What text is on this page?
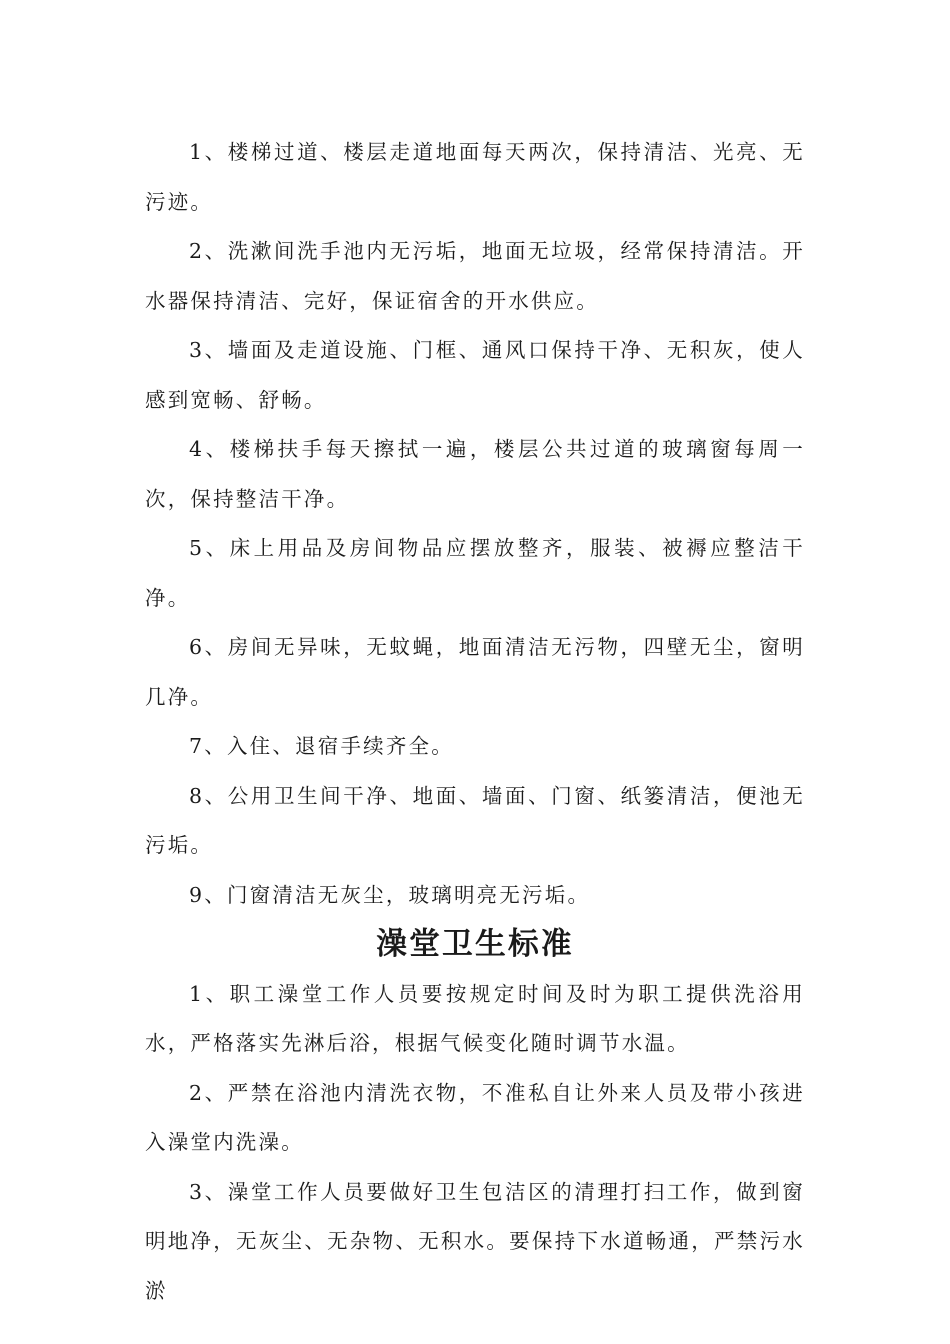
1、楼梯过道、楼层走道地面每天两次，保持清洁、光亮、无污迹。

2、洗漱间洗手池内无污垢，地面无垃圾，经常保持清洁。开水器保持清洁、完好，保证宿舍的开水供应。

3、墙面及走道设施、门框、通风口保持干净、无积灰，使人感到宽畅、舒畅。

4、楼梯扶手每天擦拭一遍，楼层公共过道的玻璃窗每周一次，保持整洁干净。

5、床上用品及房间物品应摆放整齐，服装、被褥应整洁干净。

6、房间无异味，无蚊蝇，地面清洁无污物，四壁无尘，窗明几净。

7、入住、退宿手续齐全。

8、公用卫生间干净、地面、墙面、门窗、纸篓清洁，便池无污垢。

9、门窗清洁无灰尘，玻璃明亮无污垢。

澡堂卫生标准

1、职工澡堂工作人员要按规定时间及时为职工提供洗浴用水，严格落实先淋后浴，根据气候变化随时调节水温。

2、严禁在浴池内清洗衣物，不准私自让外来人员及带小孩进入澡堂内洗澡。

3、澡堂工作人员要做好卫生包洁区的清理打扫工作，做到窗明地净，无灰尘、无杂物、无积水。要保持下水道畅通，严禁污水淤
